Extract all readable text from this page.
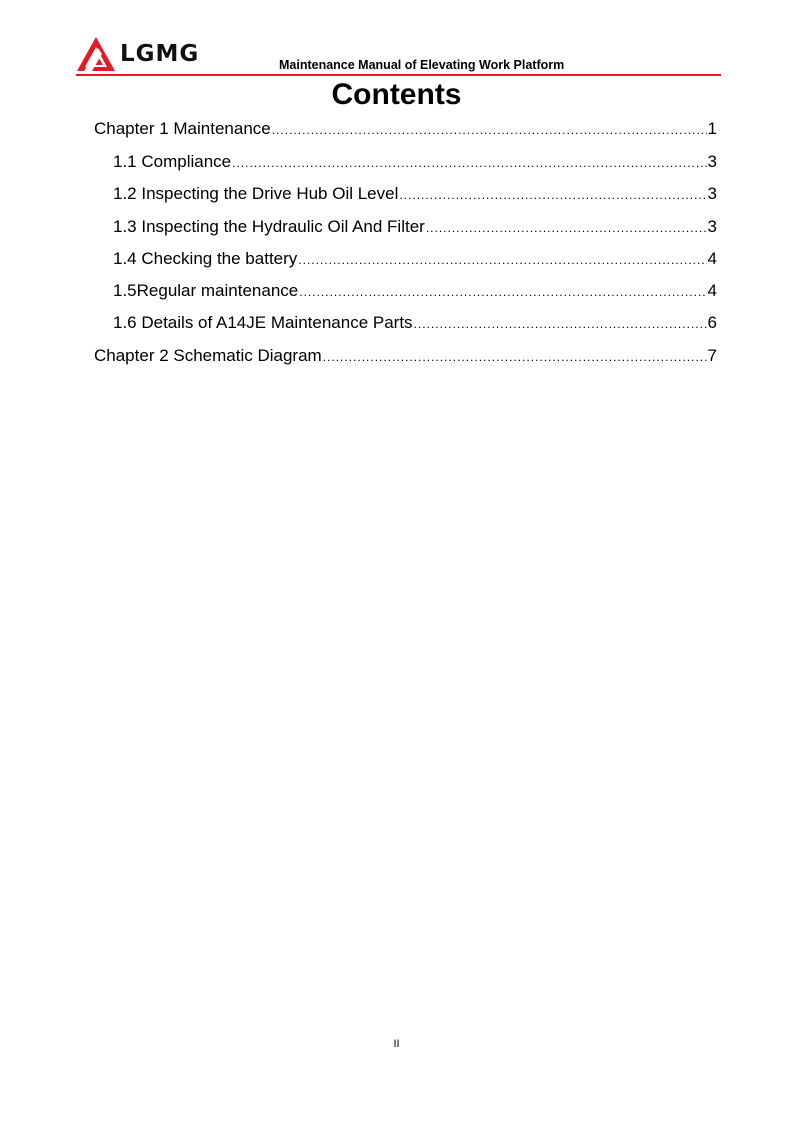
LGMG	Maintenance Manual of Elevating Work Platform
Contents
Chapter 1 Maintenance .....	1
1.1 Compliance .....	3
1.2 Inspecting the Drive Hub Oil Level .....	3
1.3 Inspecting the Hydraulic Oil And Filter .....	3
1.4 Checking the battery .....	4
1.5Regular maintenance .....	4
1.6 Details of A14JE Maintenance Parts .....	6
Chapter 2 Schematic Diagram .....	7
II
